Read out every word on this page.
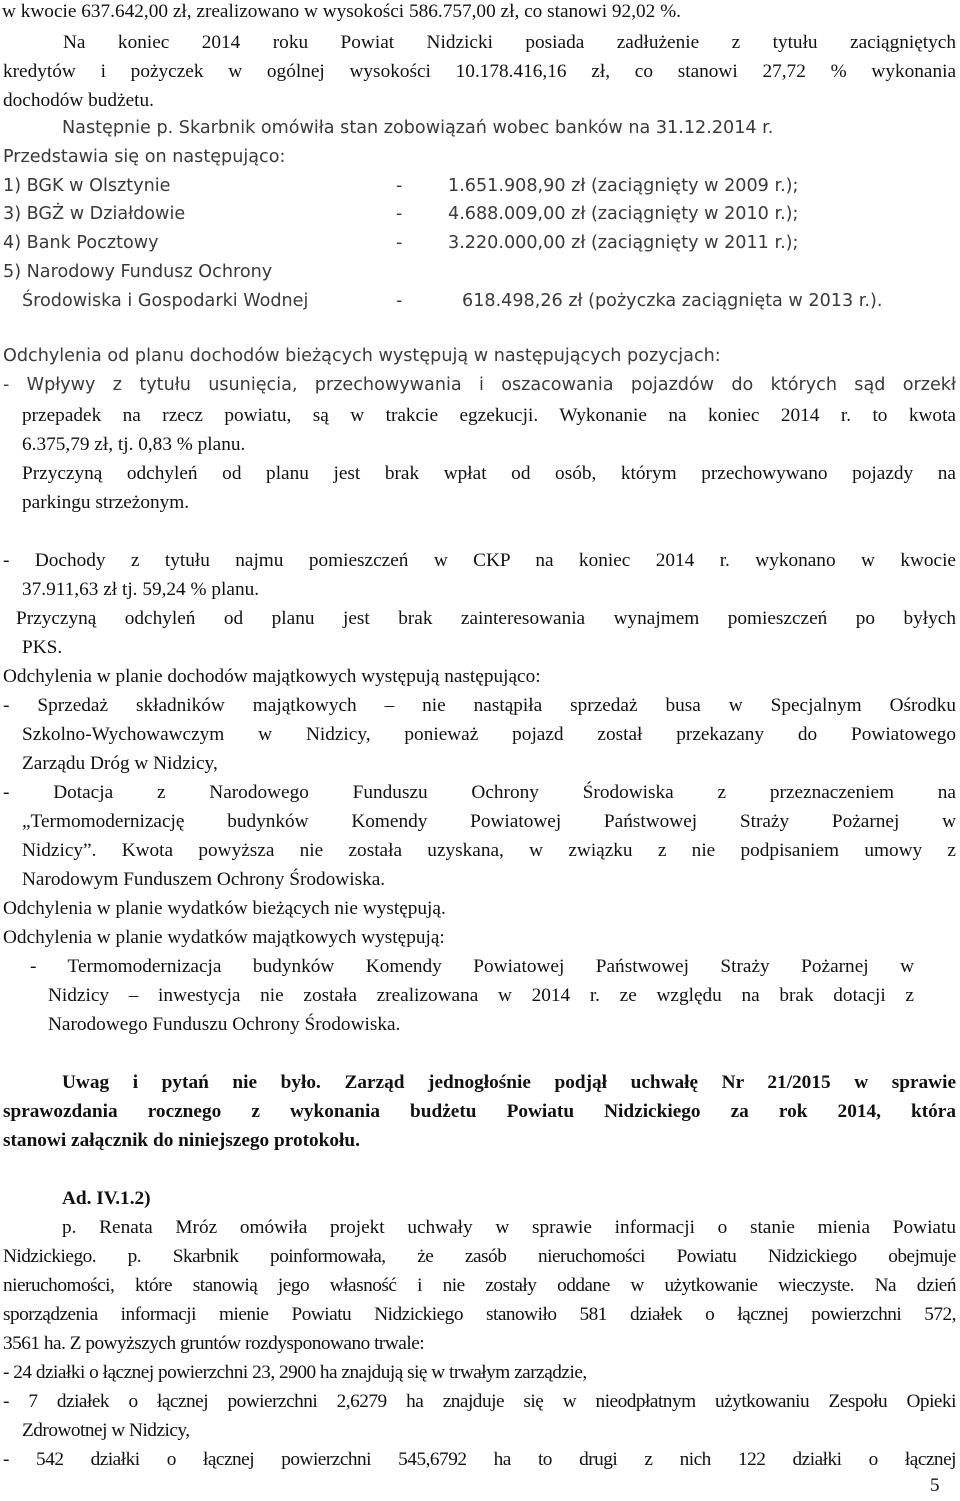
w kwocie 637.642,00 zł, zrealizowano w wysokości 586.757,00 zł, co stanowi 92,02 %.
Na koniec 2014 roku Powiat Nidzicki posiada zadłużenie z tytułu zaciągniętych
kredytów i pożyczek w ogólnej wysokości 10.178.416,16 zł, co stanowi 27,72 % wykonania
dochodów budżetu.
Następnie p. Skarbnik omówiła stan zobowiązań wobec banków na 31.12.2014 r.
Przedstawia się on następująco:
1) BGK w Olsztynie	-	1.651.908,90 zł (zaciągnięty w 2009 r.);
3) BGŻ w Działdowie	-	4.688.009,00 zł (zaciągnięty w 2010 r.);
4) Bank Pocztowy	-	3.220.000,00 zł (zaciągnięty w 2011 r.);
5) Narodowy Fundusz Ochrony
Środowiska i Gospodarki Wodnej	-	618.498,26 zł (pożyczka zaciągnięta w 2013 r.).
Odchylenia od planu dochodów bieżących występują w następujących pozycjach:
- Wpływy z tytułu usunięcia, przechowywania i oszacowania pojazdów do których sąd orzekł
przepadek na rzecz powiatu, są w trakcie egzekucji. Wykonanie na koniec 2014 r. to kwota
6.375,79 zł, tj. 0,83 % planu.
Przyczyną odchyleń od planu jest brak wpłat od osób, którym przechowywano pojazdy na
parkingu strzeżonym.
- Dochody z tytułu najmu pomieszczeń w CKP na koniec 2014 r. wykonano w kwocie
37.911,63 zł tj. 59,24 % planu.
Przyczyną odchyleń od planu jest brak zainteresowania wynajmem pomieszczeń po byłych
PKS.
Odchylenia w planie dochodów majątkowych występują następująco:
- Sprzedaż składników majątkowych – nie nastąpiła sprzedaż busa w Specjalnym Ośrodku
Szkolno-Wychowawczym w Nidzicy, ponieważ pojazd został przekazany do Powiatowego
Zarządu Dróg w Nidzicy,
- Dotacja z Narodowego Funduszu Ochrony Środowiska z przeznaczeniem na
„Termomodernizację budynków Komendy Powiatowej Państwowej Straży Pożarnej w
Nidzicy”. Kwota powyższa nie została uzyskana, w związku z nie podpisaniem umowy z
Narodowym Funduszem Ochrony Środowiska.
Odchylenia w planie wydatków bieżących nie występują.
Odchylenia w planie wydatków majątkowych występują:
- Termomodernizacja budynków Komendy Powiatowej Państwowej Straży Pożarnej w
Nidzicy – inwestycja nie została zrealizowana w 2014 r. ze względu na brak dotacji z
Narodowego Funduszu Ochrony Środowiska.
Uwag i pytań nie było. Zarząd jednogłośnie podjął uchwałę Nr 21/2015 w sprawie
sprawozdania rocznego z wykonania budżetu Powiatu Nidzickiego za rok 2014, która
stanowi załącznik do niniejszego protokołu.
Ad. IV.1.2)
p. Renata Mróz omówiła projekt uchwały w sprawie informacji o stanie mienia Powiatu
Nidzickiego. p. Skarbnik poinformowała, że zasób nieruchomości Powiatu Nidzickiego obejmuje
nieruchomości, które stanowią jego własność i nie zostały oddane w użytkowanie wieczyste. Na dzień
sporządzenia informacji mienie Powiatu Nidzickiego stanowiło 581 działek o łącznej powierzchni 572,
3561 ha. Z powyższych gruntów rozdysponowano trwale:
- 24 działki o łącznej powierzchni 23, 2900 ha znajdują się w trwałym zarządzie,
- 7 działek o łącznej powierzchni 2,6279 ha znajduje się w nieodpłatnym użytkowaniu Zespołu Opieki
Zdrowotnej w Nidzicy,
- 542 działki o łącznej powierzchni 545,6792 ha to drugi z nich 122 działki o łącznej
5
